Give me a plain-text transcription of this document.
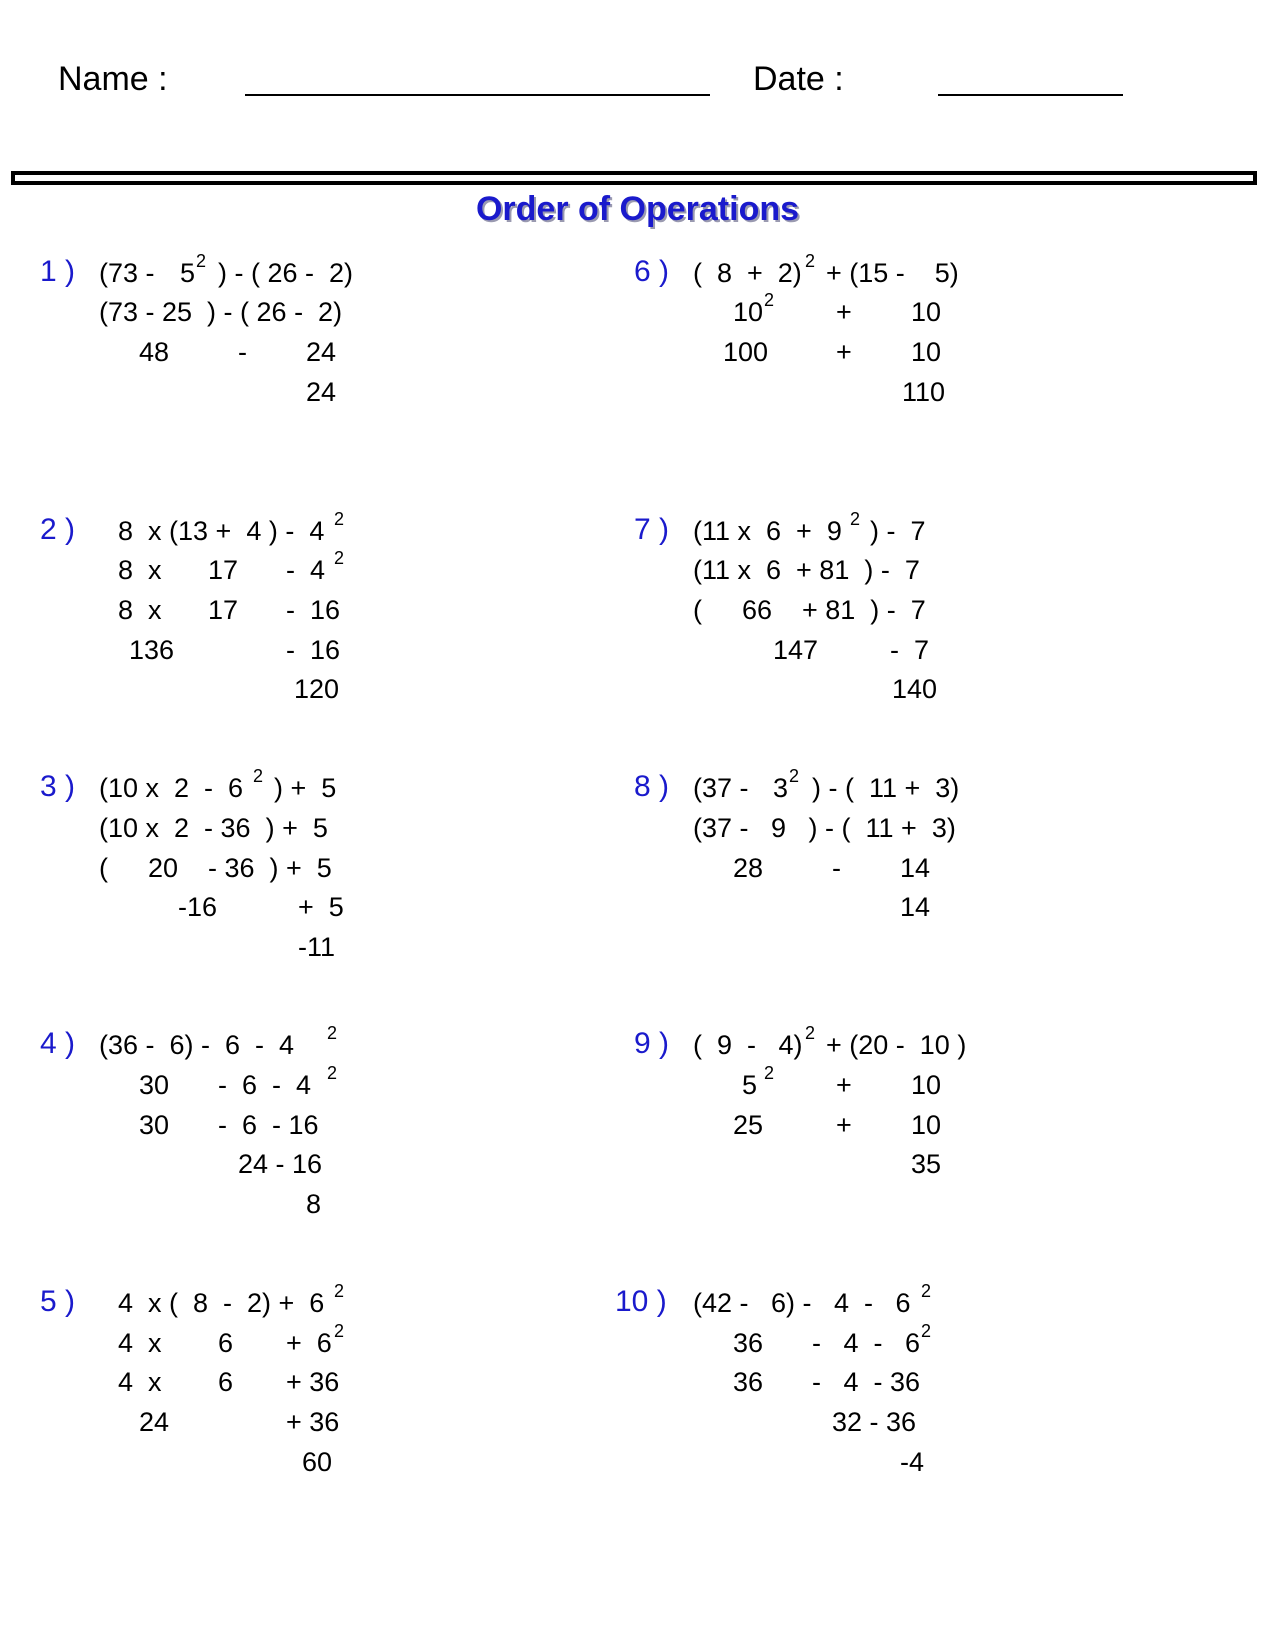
Name :	Date :
Order of Operations
1 ) (73 - 5 2 ) - ( 26 -  2)
(73 - 25  ) - ( 26 -  2)
48	- 24
24
2 ) 8  x (13 +  4 ) -  4 2
8  x 17 -  4 2
8  x 17 -  16
136	-  16
120
3 ) (10 x  2  -  6 2 ) +  5
(10 x  2  - 36  ) +  5
( 20 - 36  ) +  5
-16	+  5
-11
4 ) (36 -  6) -  6  -  4 2
30 -  6  -  4 2
30 -  6  - 16
24 - 16
8
5 ) 4  x (  8  -  2) +  6 2
4  x 6 +  6 2
4  x 6 + 36
24	+ 36
60
6 ) (  8  +  2) 2 + (15 -    5)
10 2 + 10
100	+ 10
110
7 ) (11 x  6  +  9 2 ) -  7
(11 x  6  + 81  ) -  7
( 66 + 81  ) -  7
147	-  7
140
8 ) (37 - 3 2 ) - (  11 +  3)
(37 -   9   ) - (  11 +  3)
28	- 14
14
9 ) (  9  -   4) 2 + (20 -  10 )
5 2 + 10
25	+ 10
35
10 ) (42 -   6) -   4  -   6 2
36 -   4  -   6 2
36 -   4  - 36
32 - 36
-4
